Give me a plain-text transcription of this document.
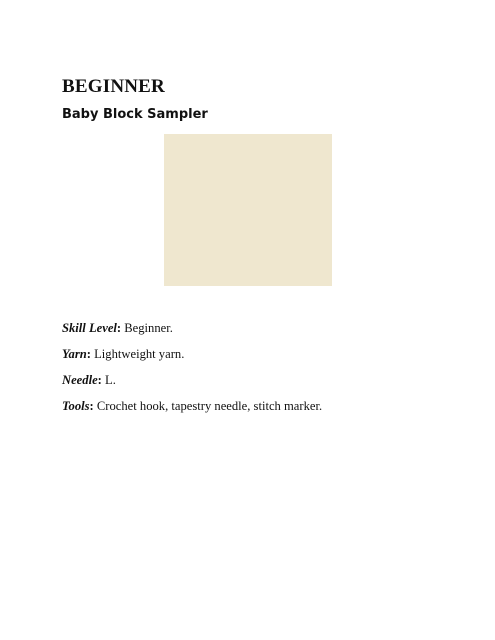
BEGINNER
Baby Block Sampler
Skill Level: Beginner.
Yarn: Lightweight yarn.
Needle: L.
Tools: Crochet hook, tapestry needle, stitch marker.
